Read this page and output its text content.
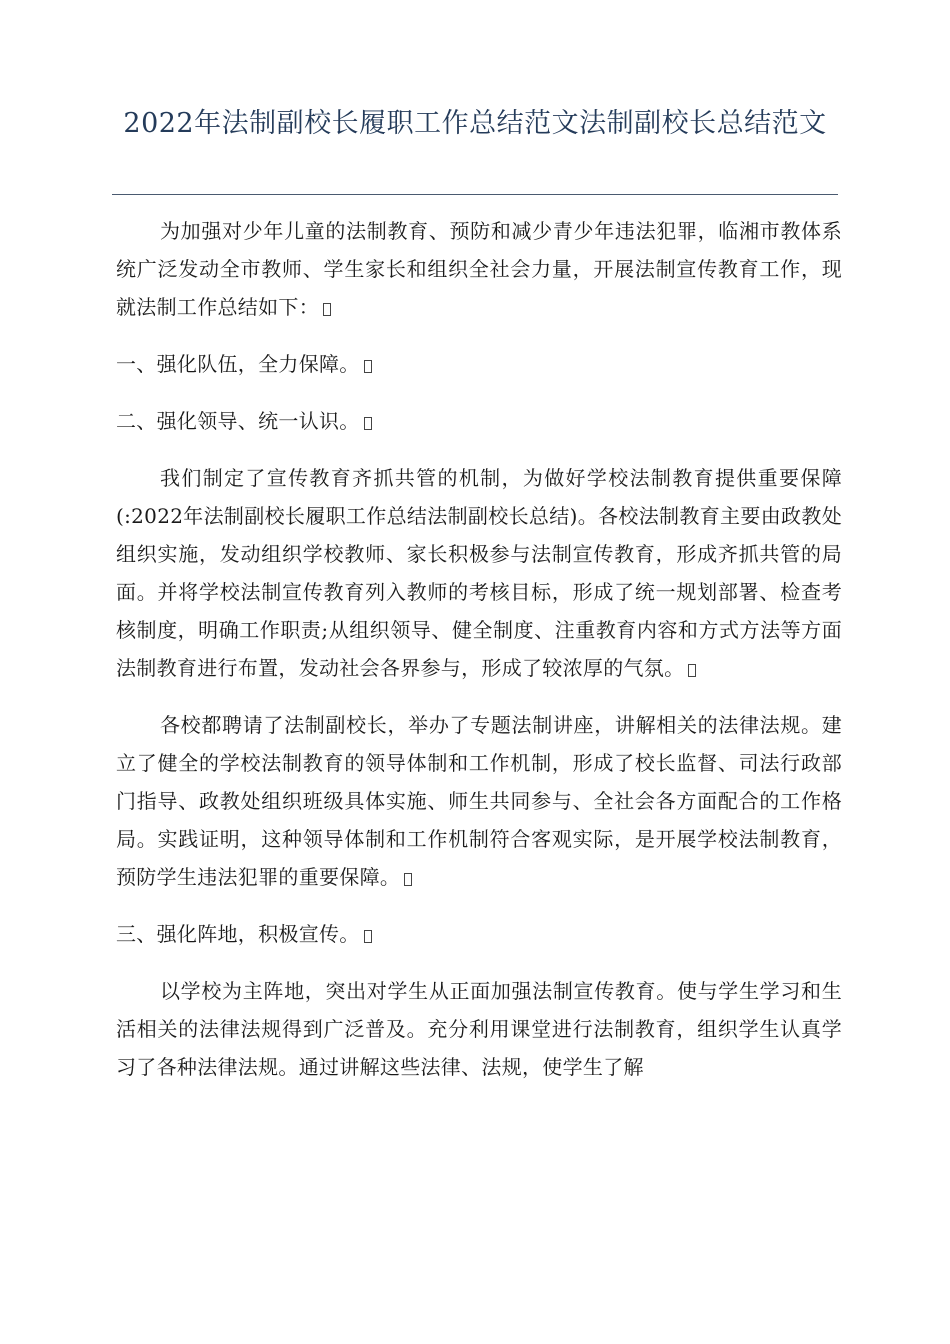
2022年法制副校长履职工作总结范文法制副校长总结范文

为加强对少年儿童的法制教育、预防和减少青少年违法犯罪，临湘市教体系统广泛发动全市教师、学生家长和组织全社会力量，开展法制宣传教育工作，现就法制工作总结如下：

一、强化队伍，全力保障。

二、强化领导、统一认识。

我们制定了宣传教育齐抓共管的机制，为做好学校法制教育提供重要保障(:2022年法制副校长履职工作总结法制副校长总结)。各校法制教育主要由政教处组织实施，发动组织学校教师、家长积极参与法制宣传教育，形成齐抓共管的局面。并将学校法制宣传教育列入教师的考核目标，形成了统一规划部署、检查考核制度，明确工作职责;从组织领导、健全制度、注重教育内容和方式方法等方面法制教育进行布置，发动社会各界参与，形成了较浓厚的气氛。

各校都聘请了法制副校长，举办了专题法制讲座，讲解相关的法律法规。建立了健全的学校法制教育的领导体制和工作机制，形成了校长监督、司法行政部门指导、政教处组织班级具体实施、师生共同参与、全社会各方面配合的工作格局。实践证明，这种领导体制和工作机制符合客观实际，是开展学校法制教育，预防学生违法犯罪的重要保障。

三、强化阵地，积极宣传。

以学校为主阵地，突出对学生从正面加强法制宣传教育。使与学生学习和生活相关的法律法规得到广泛普及。充分利用课堂进行法制教育，组织学生认真学习了各种法律法规。通过讲解这些法律、法规，使学生了解
